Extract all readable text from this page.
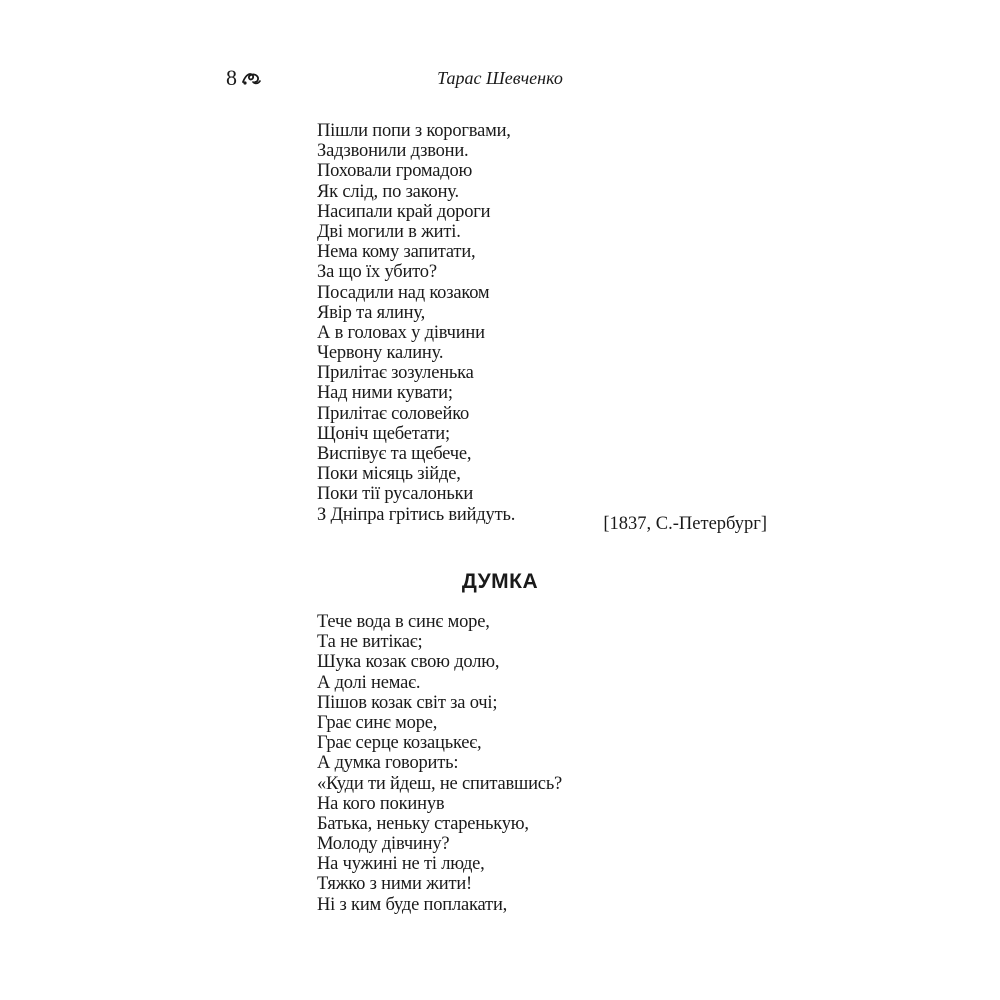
8	Тарас Шевченко
Пішли попи з корогвами,
Задзвонили дзвони.
Поховали громадою
Як слід, по закону.
Насипали край дороги
Дві могили в житі.
Нема кому запитати,
За що їх убито?
Посадили над козаком
Явір та ялину,
А в головах у дівчини
Червону калину.
Прилітає зозуленька
Над ними кувати;
Прилітає соловейко
Щоніч щебетати;
Виспівує та щебече,
Поки місяць зійде,
Поки тії русалоньки
З Дніпра грітись вийдуть.	[1837, С.-Петербург]
ДУМКА
Тече вода в синє море,
Та не витікає;
Шука козак свою долю,
А долі немає.
Пішов козак світ за очі;
Грає синє море,
Грає серце козацькеє,
А думка говорить:
«Куди ти йдеш, не спитавшись?
На кого покинув
Батька, неньку старенькую,
Молоду дівчину?
На чужині не ті люде,
Тяжко з ними жити!
Ні з ким буде поплакати,
